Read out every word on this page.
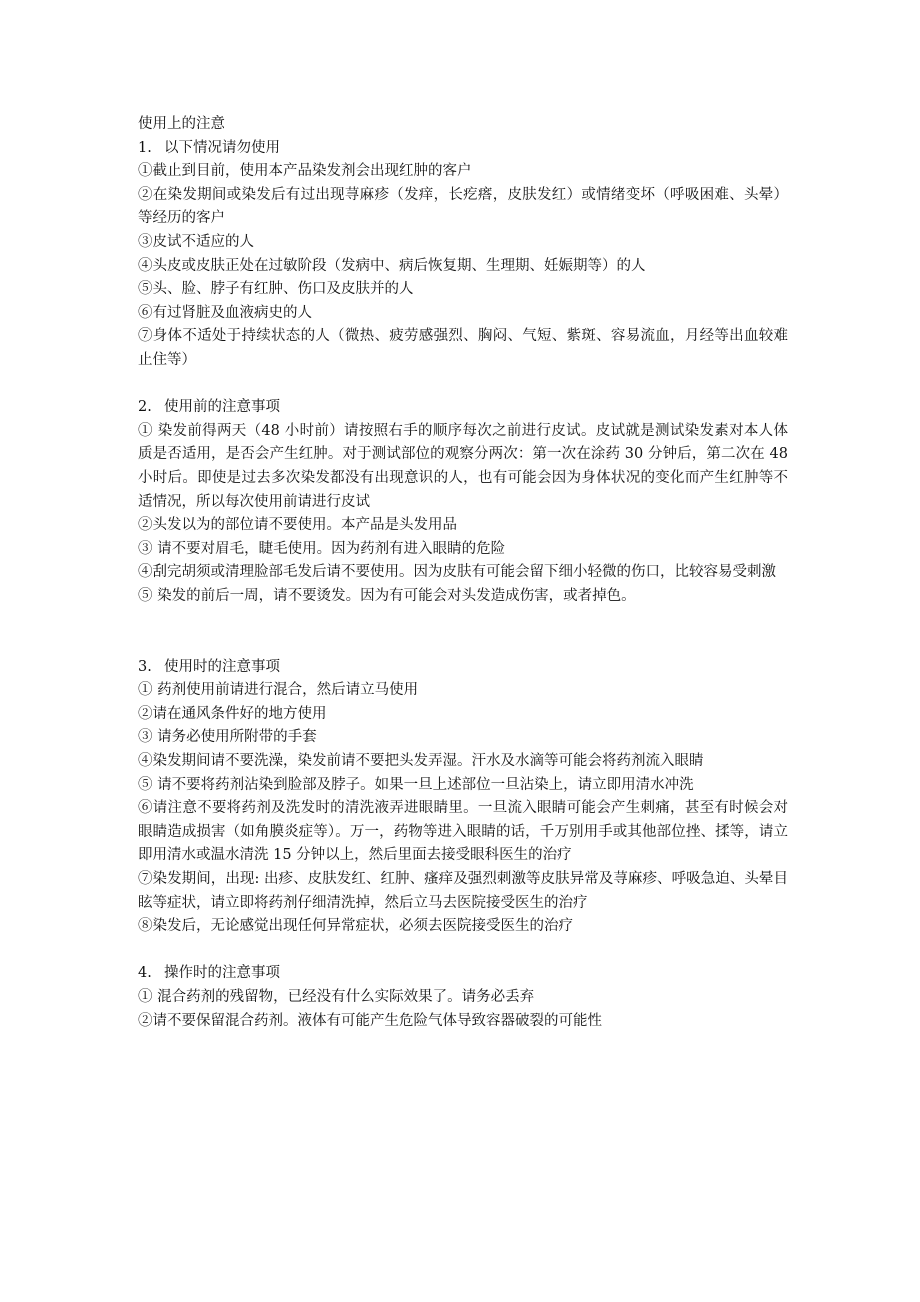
使用上的注意
1. 以下情况请勿使用
①截止到目前，使用本产品染发剂会出现红肿的客户
②在染发期间或染发后有过出现荨麻疹（发痒，长疙瘩，皮肤发红）或情绪变坏（呼吸困难、头晕）等经历的客户
③皮试不适应的人
④头皮或皮肤正处在过敏阶段（发病中、病后恢复期、生理期、妊娠期等）的人
⑤头、脸、脖子有红肿、伤口及皮肤并的人
⑥有过肾脏及血液病史的人
⑦身体不适处于持续状态的人（微热、疲劳感强烈、胸闷、气短、紫斑、容易流血，月经等出血较难止住等）
2. 使用前的注意事项
① 染发前得两天（48 小时前）请按照右手的顺序每次之前进行皮试。皮试就是测试染发素对本人体质是否适用，是否会产生红肿。对于测试部位的观察分两次：第一次在涂药 30 分钟后，第二次在 48 小时后。即使是过去多次染发都没有出现意识的人，也有可能会因为身体状况的变化而产生红肿等不适情况，所以每次使用前请进行皮试
②头发以为的部位请不要使用。本产品是头发用品
③ 请不要对眉毛，睫毛使用。因为药剂有进入眼睛的危险
④刮完胡须或清理脸部毛发后请不要使用。因为皮肤有可能会留下细小轻微的伤口，比较容易受刺激
⑤ 染发的前后一周，请不要烫发。因为有可能会对头发造成伤害，或者掉色。
3. 使用时的注意事项
① 药剂使用前请进行混合，然后请立马使用
②请在通风条件好的地方使用
③ 请务必使用所附带的手套
④染发期间请不要洗澡，染发前请不要把头发弄湿。汗水及水滴等可能会将药剂流入眼睛
⑤ 请不要将药剂沾染到脸部及脖子。如果一旦上述部位一旦沾染上，请立即用清水冲洗
⑥请注意不要将药剂及洗发时的清洗液弄进眼睛里。一旦流入眼睛可能会产生刺痛，甚至有时候会对眼睛造成损害（如角膜炎症等）。万一，药物等进入眼睛的话，千万别用手或其他部位挫、揉等，请立即用清水或温水清洗 15 分钟以上，然后里面去接受眼科医生的治疗
⑦染发期间，出现: 出疹、皮肤发红、红肿、瘙痒及强烈刺激等皮肤异常及荨麻疹、呼吸急迫、头晕目眩等症状，请立即将药剂仔细清洗掉，然后立马去医院接受医生的治疗
⑧染发后，无论感觉出现任何异常症状，必须去医院接受医生的治疗
4. 操作时的注意事项
① 混合药剂的残留物，已经没有什么实际效果了。请务必丢弃
②请不要保留混合药剂。液体有可能产生危险气体导致容器破裂的可能性
